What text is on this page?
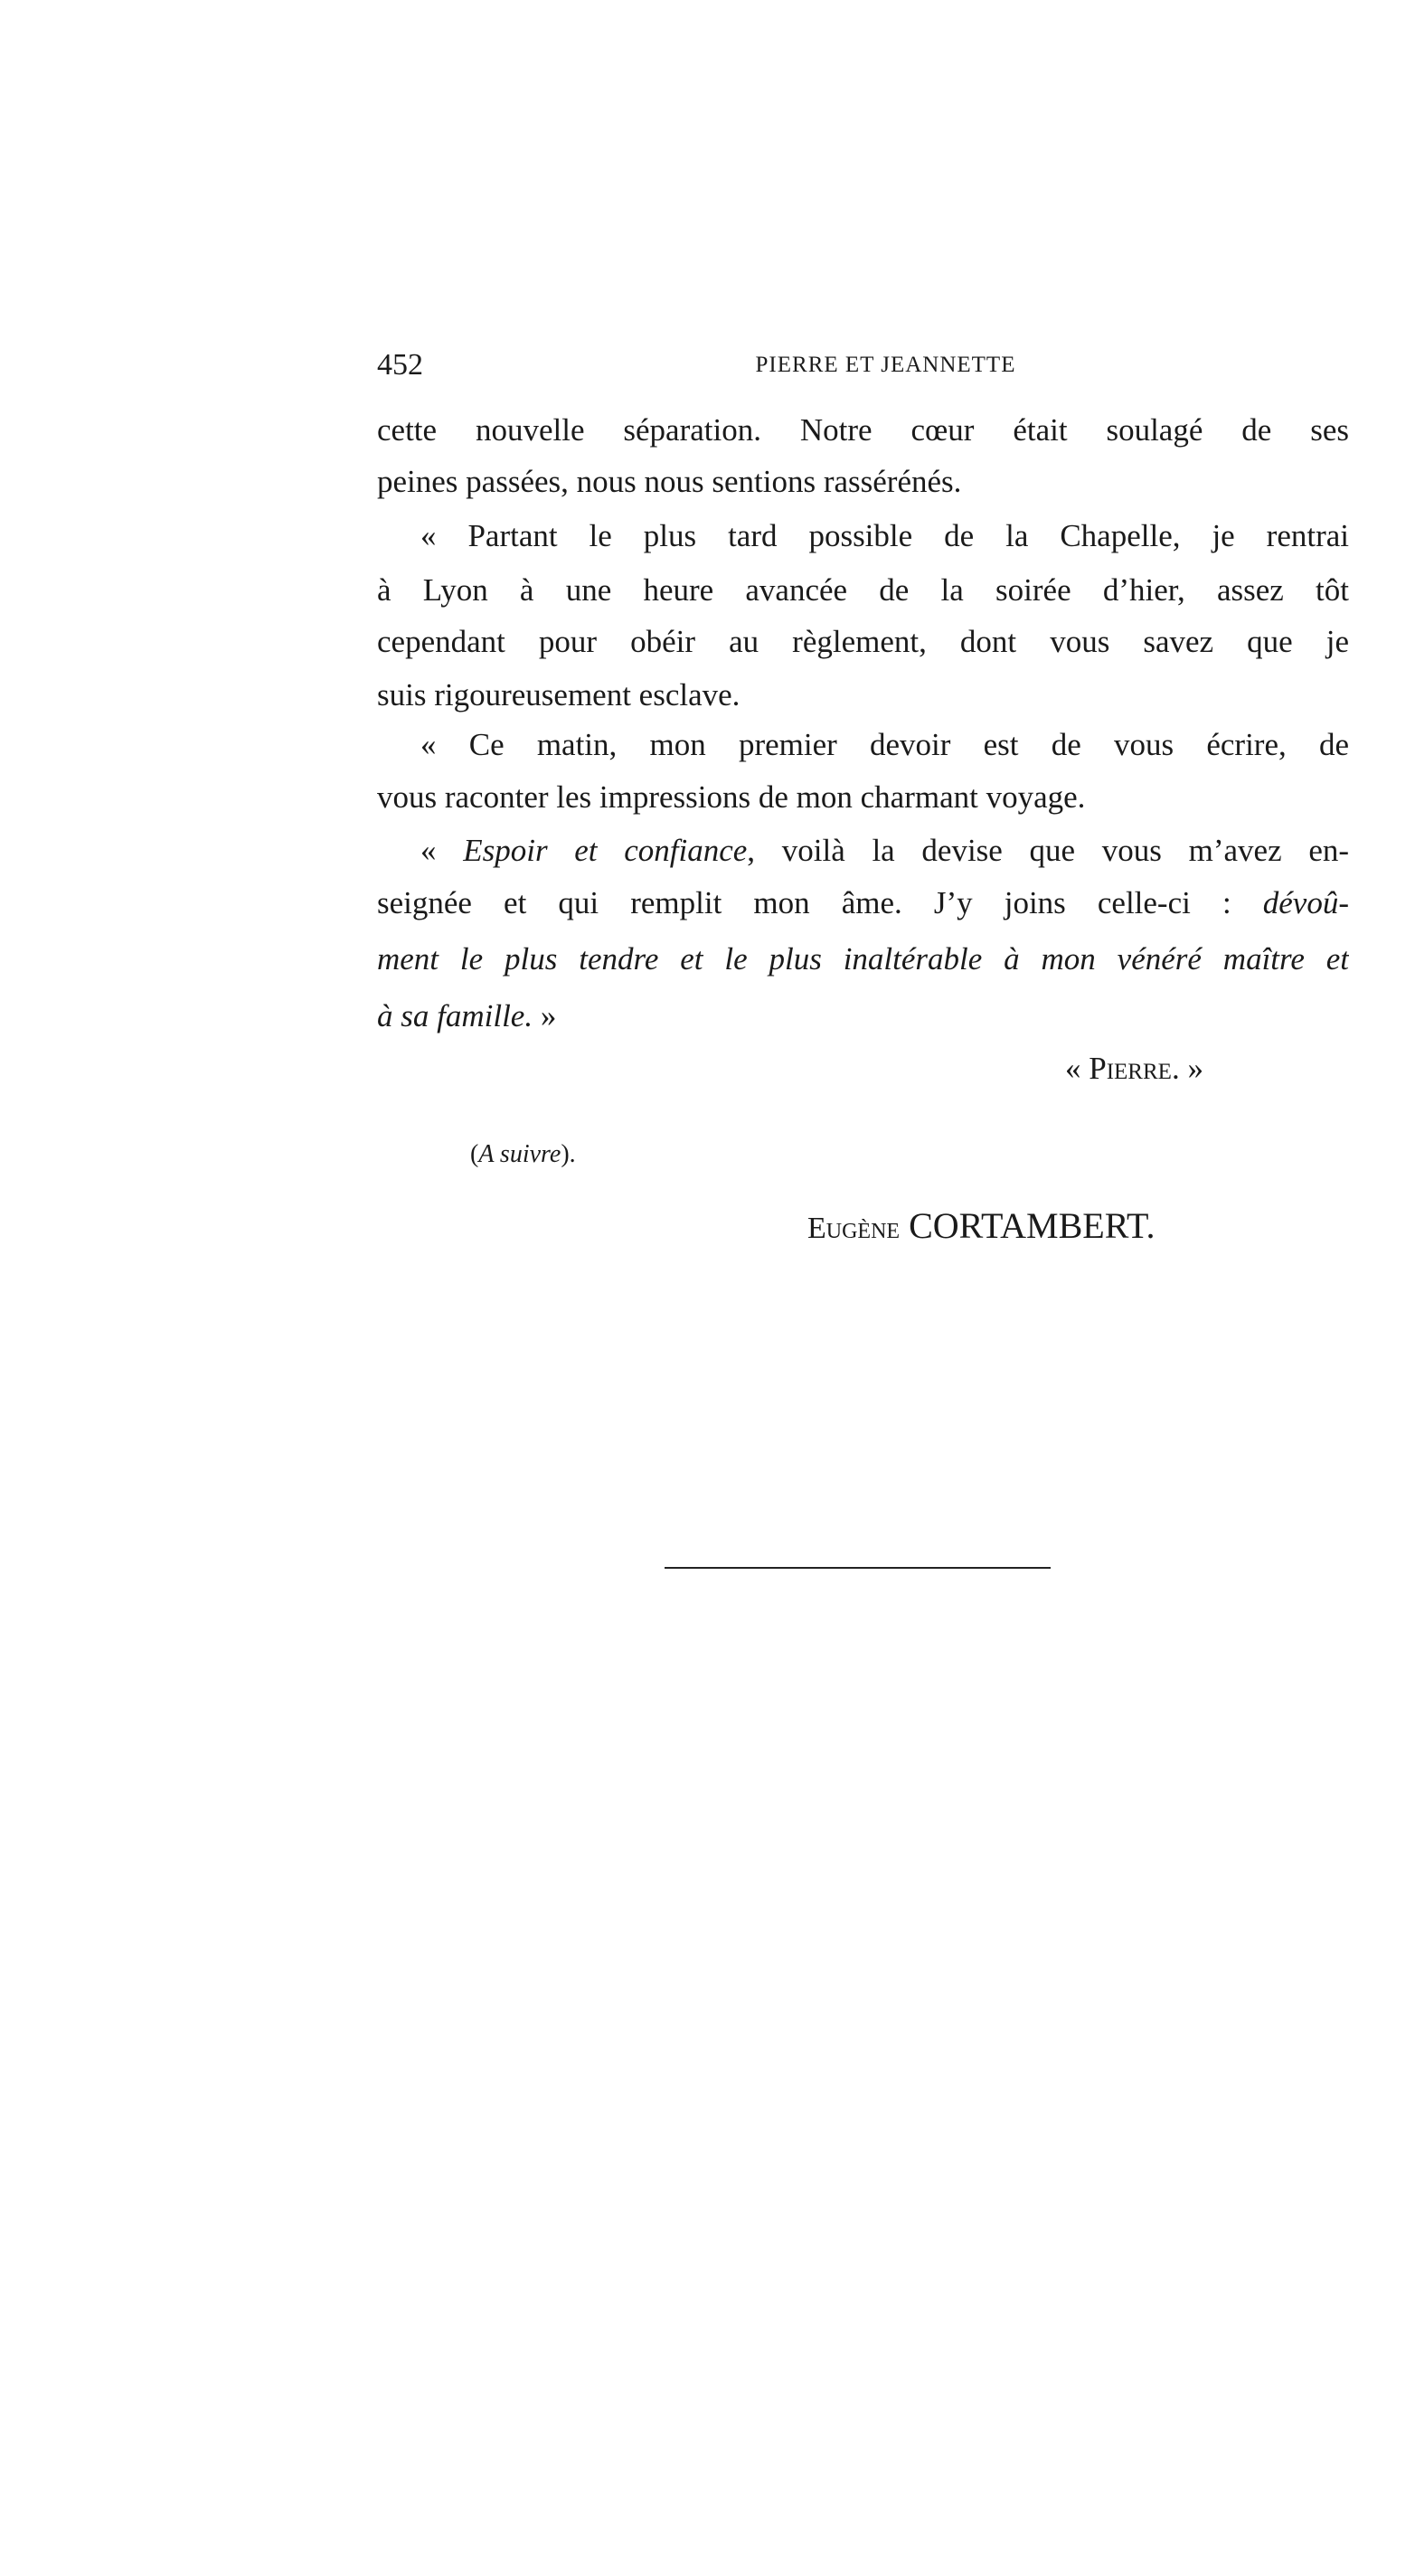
452	PIERRE ET JEANNETTE
cette nouvelle séparation. Notre cœur était soulagé de ses
peines passées, nous nous sentions rassérénés.
« Partant le plus tard possible de la Chapelle, je rentrai
à Lyon à une heure avancée de la soirée d’hier, assez tôt
cependant pour obéir au règlement, dont vous savez que je
suis rigoureusement esclave.
« Ce matin, mon premier devoir est de vous écrire, de
vous raconter les impressions de mon charmant voyage.
« Espoir et confiance, voilà la devise que vous m’avez en-
seignée et qui remplit mon âme. J’y joins celle-ci : dévoû-
ment le plus tendre et le plus inaltérable à mon vénéré maître et
à sa famille. »
« Pierre. »
(A suivre).
Eugène CORTAMBERT.
